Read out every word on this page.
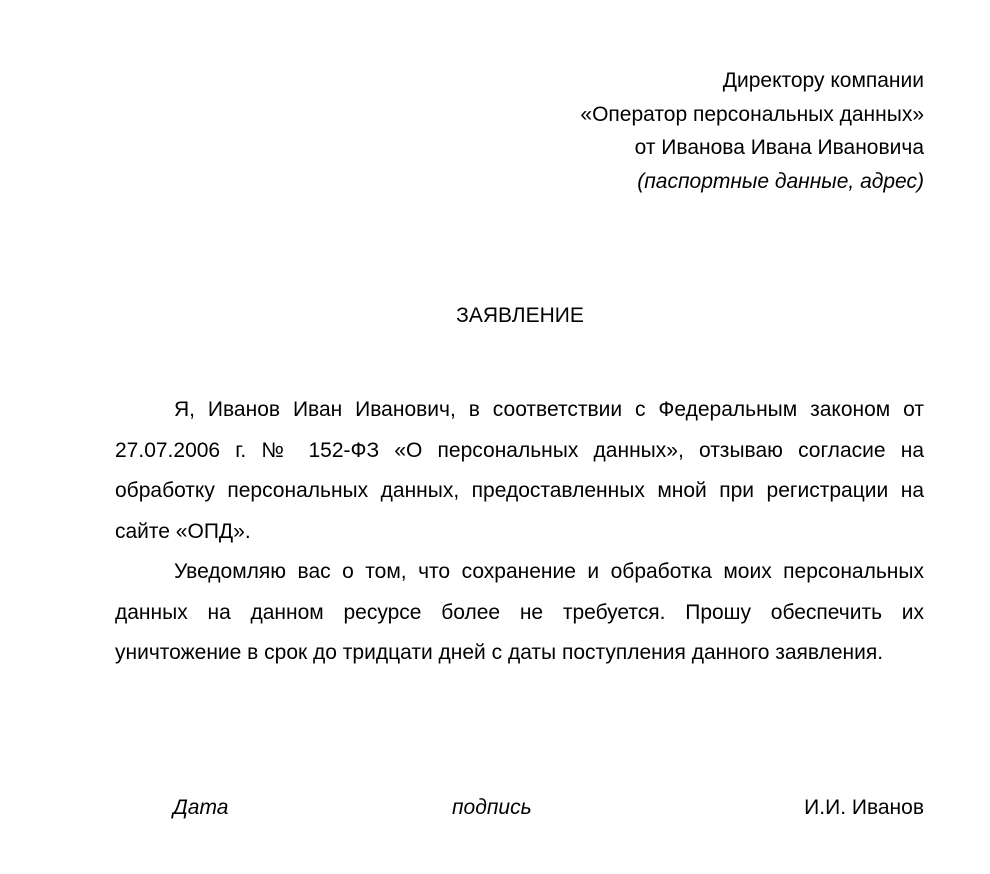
Директору компании
«Оператор персональных данных»
от Иванова Ивана Ивановича
(паспортные данные, адрес)
ЗАЯВЛЕНИЕ

Я, Иванов Иван Иванович, в соответствии с Федеральным законом от 27.07.2006 г. № 152-ФЗ «О персональных данных», отзываю согласие на обработку персональных данных, предоставленных мной при регистрации на сайте «ОПД».

Уведомляю вас о том, что сохранение и обработка моих персональных данных на данном ресурсе более не требуется. Прошу обеспечить их уничтожение в срок до тридцати дней с даты поступления данного заявления.

Дата	подпись	И.И. Иванов
